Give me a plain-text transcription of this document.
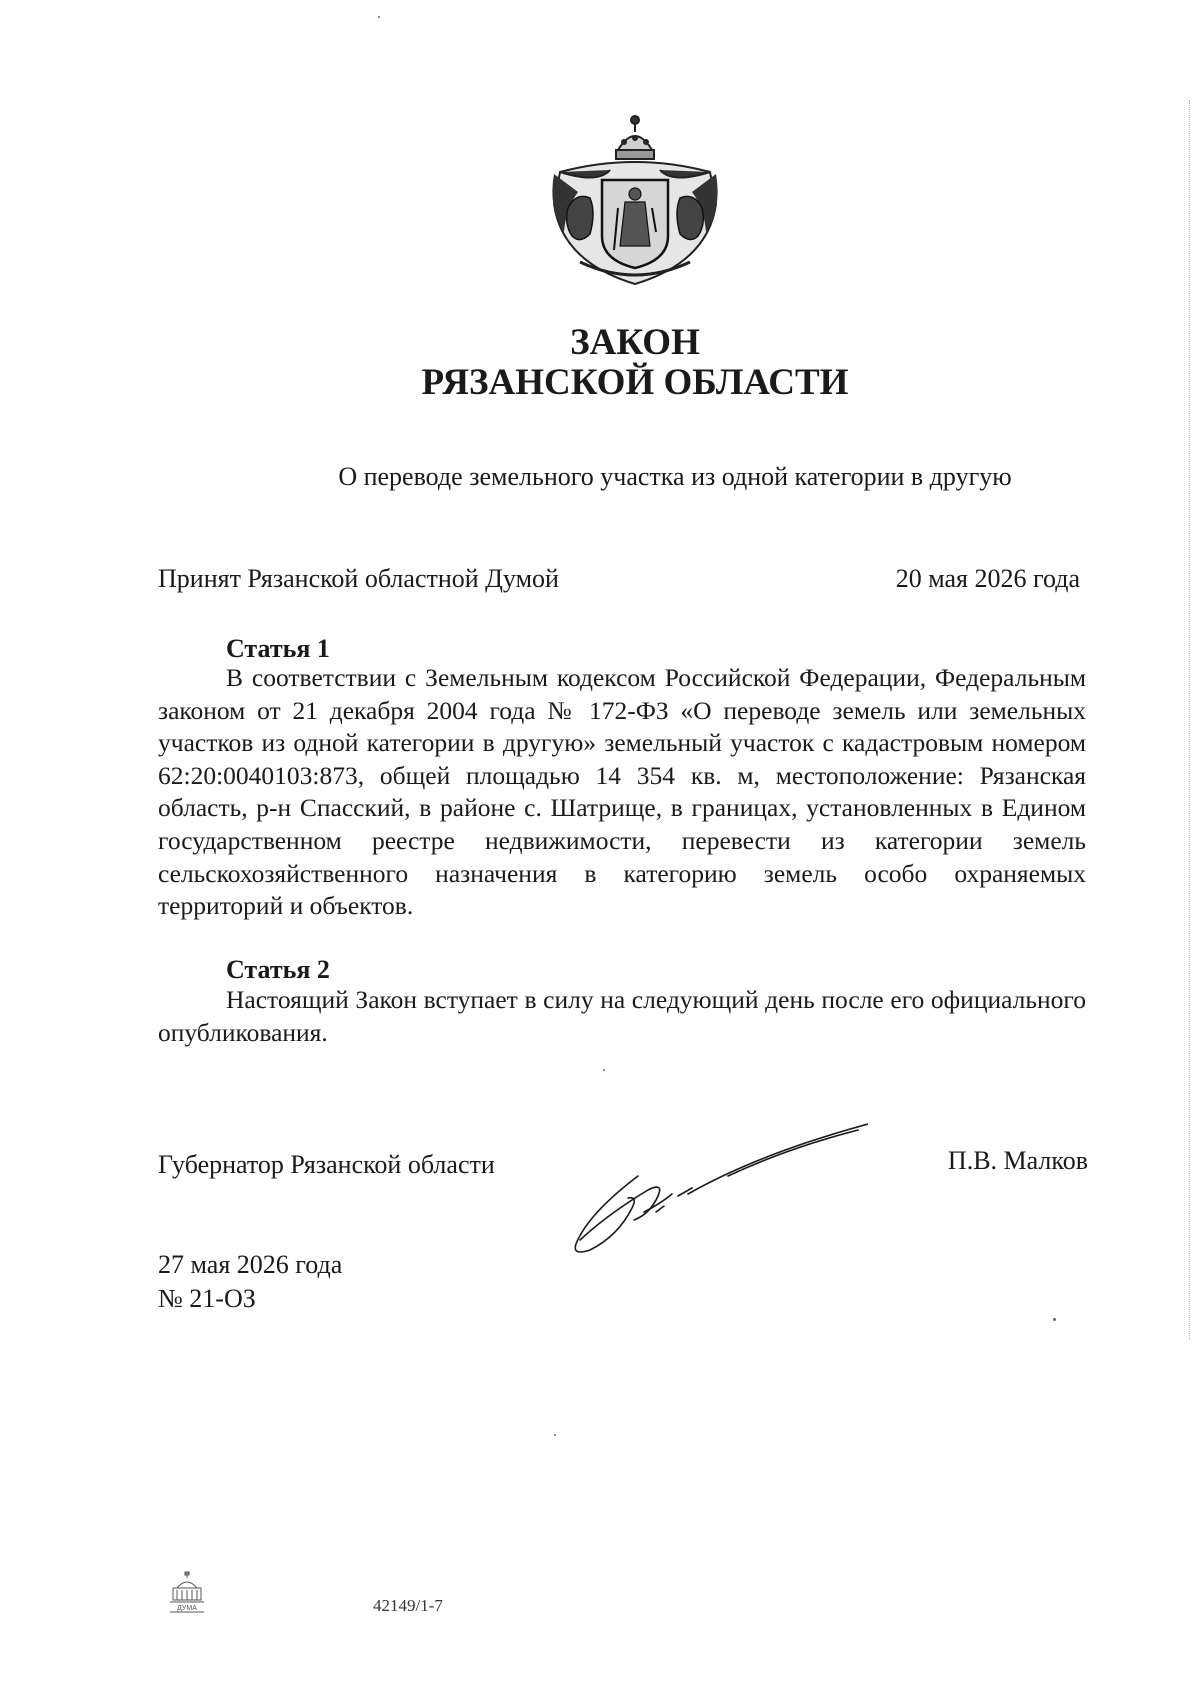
ЗАКОН
РЯЗАНСКОЙ ОБЛАСТИ
О переводе земельного участка из одной категории в другую
Принят Рязанской областной Думой	20 мая 2026 года
Статья 1

В соответствии с Земельным кодексом Российской Федерации, Федеральным законом от 21 декабря 2004 года № 172-ФЗ «О переводе земель или земельных участков из одной категории в другую» земельный участок с кадастровым номером 62:20:0040103:873, общей площадью 14 354 кв. м, местоположение: Рязанская область, р-н Спасский, в районе с. Шатрище, в границах, установленных в Едином государственном реестре недвижимости, перевести из категории земель сельскохозяйственного назначения в категорию земель особо охраняемых территорий и объектов.

Статья 2

Настоящий Закон вступает в силу на следующий день после его официального опубликования.

Губернатор Рязанской области	П.В. Малков
27 мая 2026 года
№ 21-ОЗ
ДУМА	42149/1-7
